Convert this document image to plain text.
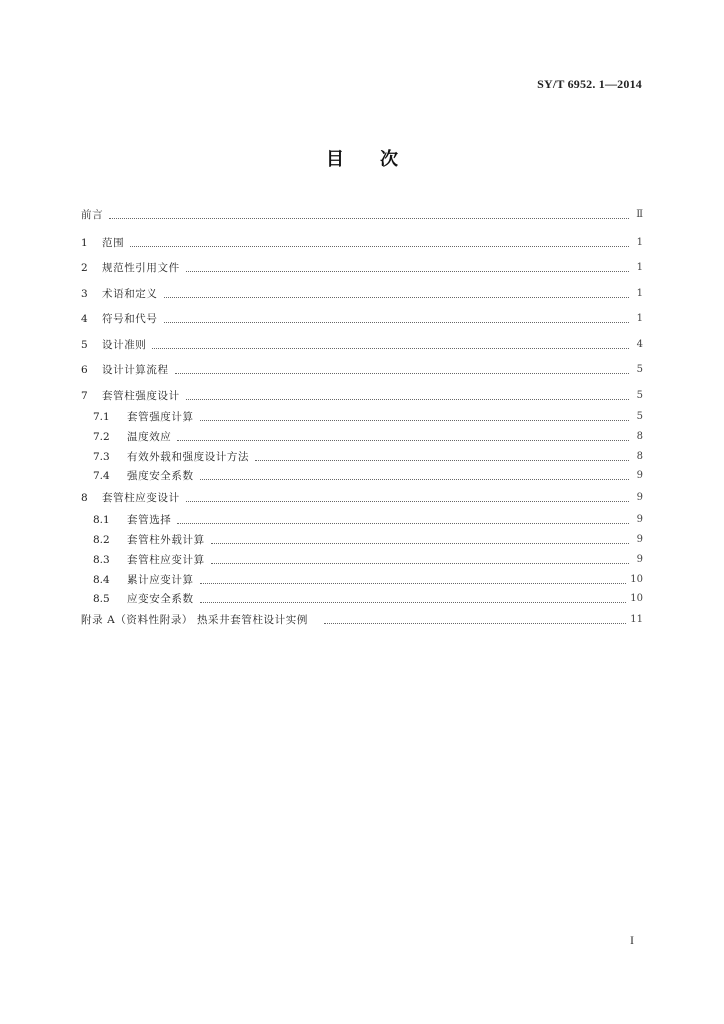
SY/T 6952. 1—2014
目 次
前言	Ⅱ
1	范围	1
2	规范性引用文件	1
3	术语和定义	1
4	符号和代号	1
5	设计准则	4
6	设计计算流程	5
7	套管柱强度设计	5
7.1	套管强度计算	5
7.2	温度效应	8
7.3	有效外载和强度设计方法	8
7.4	强度安全系数	9
8	套管柱应变设计	9
8.1	套管选择	9
8.2	套管柱外载计算	9
8.3	套管柱应变计算	9
8.4	累计应变计算	10
8.5	应变安全系数	10
附录 A（资料性附录） 热采井套管柱设计实例	11
I
